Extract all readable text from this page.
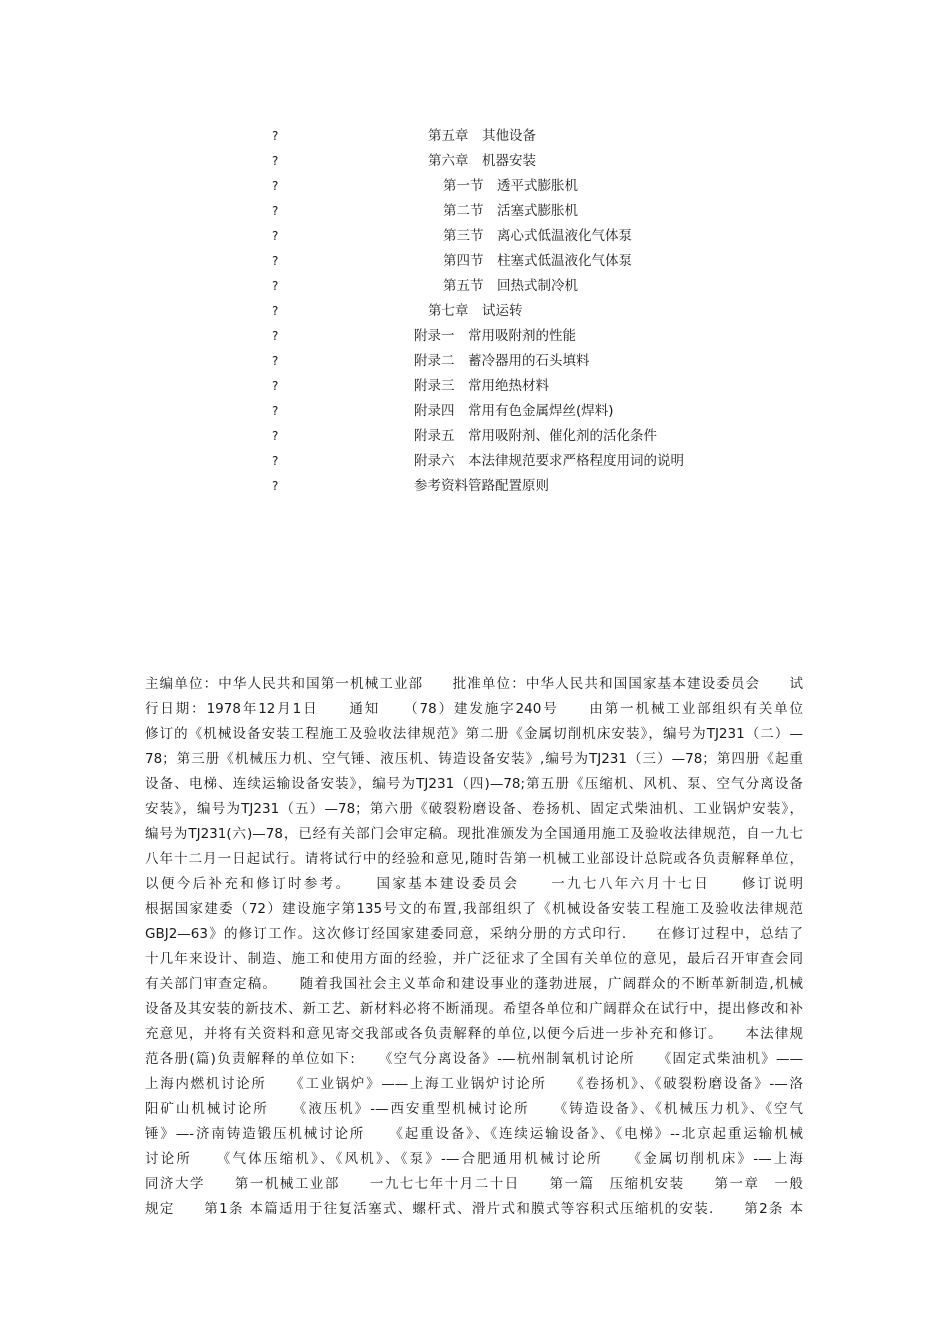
?	第五章　其他设备
?	第六章　机器安装
?	第一节　透平式膨胀机
?	第二节　活塞式膨胀机
?	第三节　离心式低温液化气体泵
?	第四节　柱塞式低温液化气体泵
?	第五节　回热式制冷机
?	第七章　试运转
?	附录一　常用吸附剂的性能
?	附录二　蓄冷器用的石头填料
?	附录三　常用绝热材料
?	附录四　常用有色金属焊丝(焊料)
?	附录五　常用吸附剂、催化剂的活化条件
?	附录六　本法律规范要求严格程度用词的说明
?	参考资料管路配置原则
主编单位：中华人民共和国第一机械工业部　　批准单位：中华人民共和国国家基本建设委员会　　试
行日期：1978年12月1日　　通知　　（78）建发施字240号　　由第一机械工业部组织有关单位
修订的《机械设备安装工程施工及验收法律规范》第二册《金属切削机床安装》，编号为TJ231（二）—
78；第三册《机械压力机、空气锤、液压机、铸造设备安装》,编号为TJ231（三）—78；第四册《起重
设备、电梯、连续运输设备安装》，编号为TJ231（四)—78;第五册《压缩机、风机、泵、空气分离设备
安装》，编号为TJ231（五）—78；第六册《破裂粉磨设备、卷扬机、固定式柴油机、工业锅炉安装》，
编号为TJ231(六)—78，已经有关部门会审定稿。现批准颁发为全国通用施工及验收法律规范，自一九七
八年十二月一日起试行。请将试行中的经验和意见,随时告第一机械工业部设计总院或各负责解释单位，
以便今后补充和修订时参考。　　国家基本建设委员会　　一九七八年六月十七日　　修订说明
根据国家建委（72）建设施字第135号文的布置,我部组织了《机械设备安装工程施工及验收法律规范
GBJ2—63》的修订工作。这次修订经国家建委同意，采纳分册的方式印行.　　在修订过程中，总结了
十几年来设计、制造、施工和使用方面的经验，并广泛征求了全国有关单位的意见，最后召开审查会同
有关部门审查定稿。　　随着我国社会主义革命和建设事业的蓬勃进展，广阔群众的不断革新制造,机械
设备及其安装的新技术、新工艺、新材料必将不断涌现。希望各单位和广阔群众在试行中，提出修改和补
充意见，并将有关资料和意见寄交我部或各负责解释的单位,以便今后进一步补充和修订。　　本法律规
范各册(篇)负责解释的单位如下:　　《空气分离设备》-—杭州制氧机讨论所　　《固定式柴油机》——
上海内燃机讨论所　　《工业锅炉》——上海工业锅炉讨论所　　《卷扬机》、《破裂粉磨设备》-—洛
阳矿山机械讨论所　　《液压机》-—西安重型机械讨论所　　《铸造设备》、《机械压力机》、《空气
锤》—-济南铸造锻压机械讨论所　　《起重设备》、《连续运输设备》、《电梯》--北京起重运输机械
讨论所　　《气体压缩机》、《风机》、《泵》-—合肥通用机械讨论所　　《金属切削机床》-—上海
同济大学　　第一机械工业部　　一九七七年十月二十日　　第一篇　压缩机安装　　第一章　一般
规定　　第1条 本篇适用于往复活塞式、螺杆式、滑片式和膜式等容积式压缩机的安装.　　第2条 本
